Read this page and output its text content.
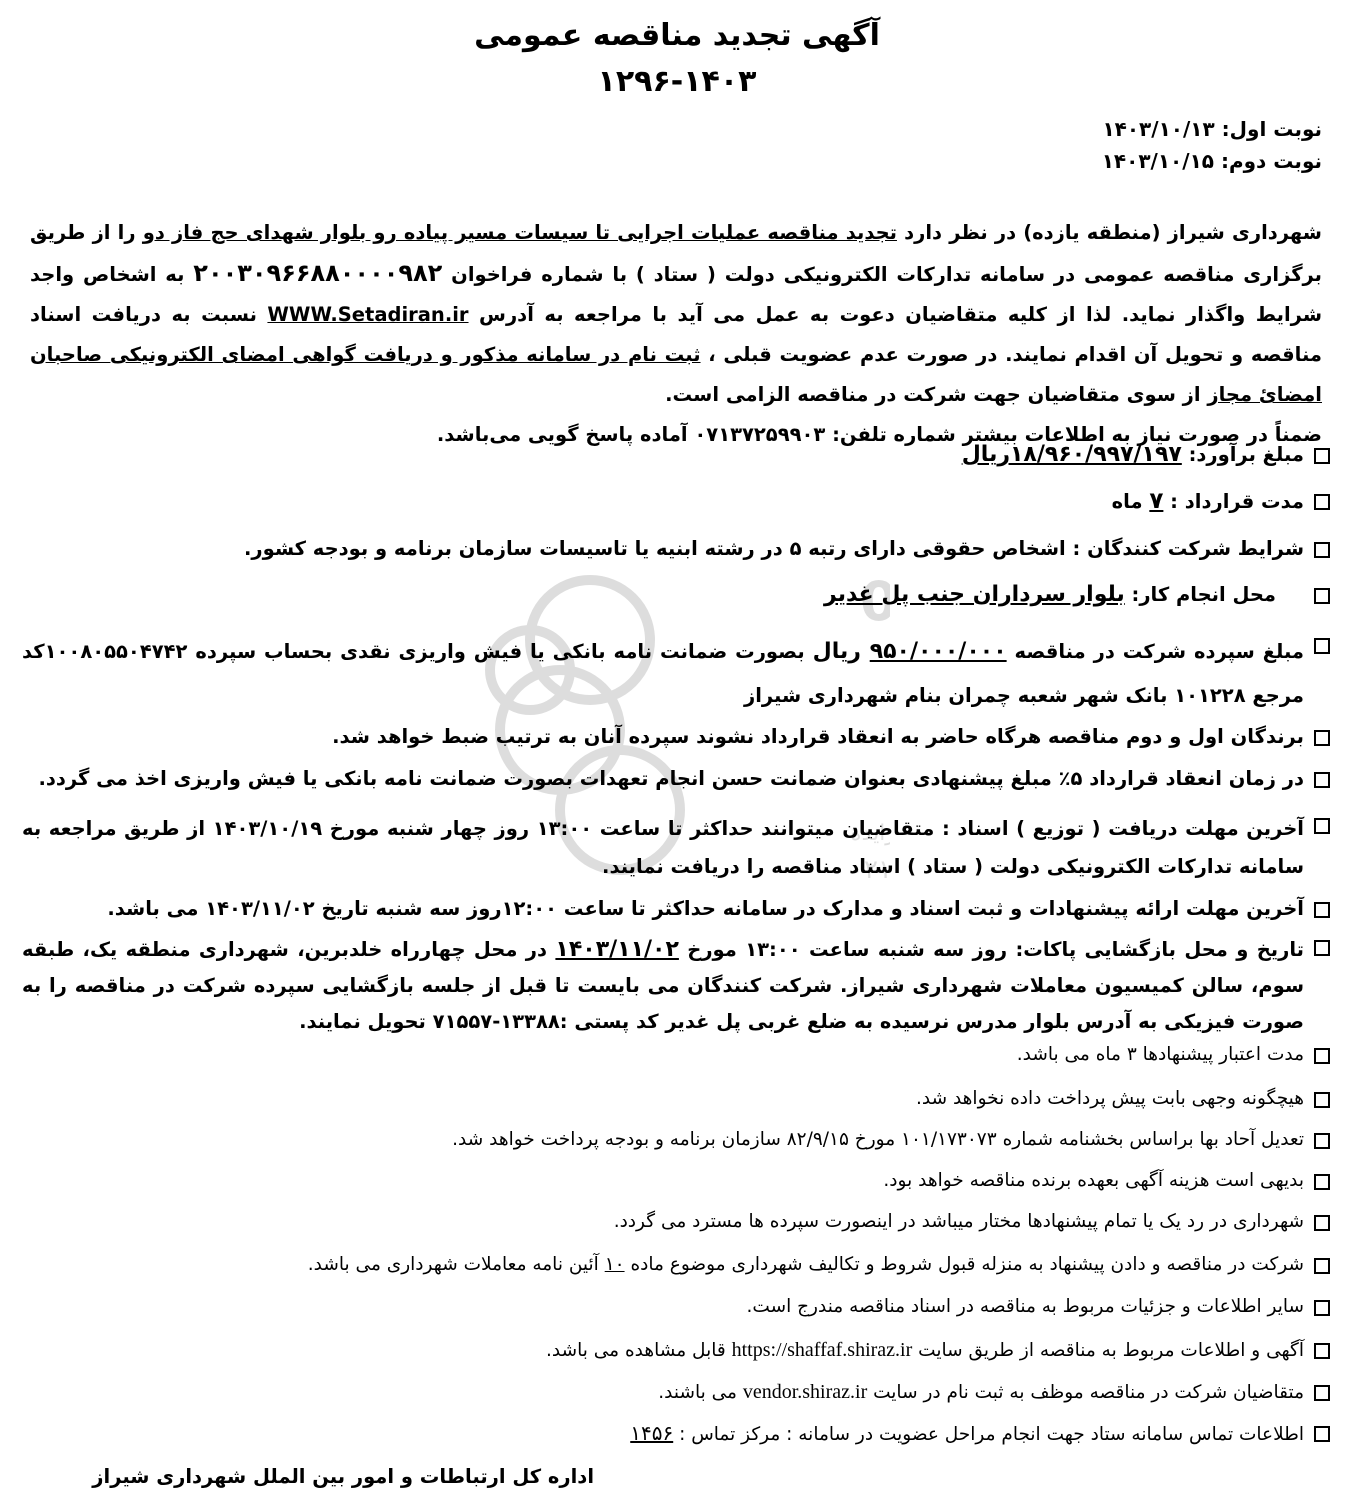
0
ایده
۰۲۱
آگهی تجدید مناقصه عمومی
۱۲۹۶-۱۴۰۳
نوبت اول: ۱۴۰۳/۱۰/۱۳
نوبت دوم: ۱۴۰۳/۱۰/۱۵

شهرداری شیراز (منطقه یازده) در نظر دارد تجدید مناقصه عملیات اجرایی تا سیسات مسیر پیاده رو بلوار شهدای حج فاز دو را از طریق برگزاری مناقصه عمومی در سامانه تدارکات الکترونیکی دولت ( ستاد ) با شماره فراخوان ۲۰۰۳۰۹۶۶۸۸۰۰۰۰۹۸۲ به اشخاص واجد شرایط واگذار نماید. لذا از کلیه متقاضیان دعوت به عمل می آید با مراجعه به آدرس WWW.Setadiran.ir نسبت به دریافت اسناد مناقصه و تحویل آن اقدام نمایند. در صورت عدم عضویت قبلی ، ثبت نام در سامانه مذکور و دریافت گواهی امضای الکترونیکی صاحبان امضائ مجاز از سوی متقاضیان جهت شرکت در مناقصه الزامی است.

ضمناً در صورت نیاز به اطلاعات بیشتر شماره تلفن: ۰۷۱۳۷۲۵۹۹۰۳ آماده پاسخ گویی می‌باشد.

مبلغ برآورد: ۱۸/۹۶۰/۹۹۷/۱۹۷ریال
مدت قرارداد : ۷ ماه
شرایط شرکت کنندگان : اشخاص حقوقی دارای رتبه ۵ در رشته ابنیه یا تاسیسات سازمان برنامه و بودجه کشور.
محل انجام کار: بلوار سرداران جنب پل غدیر
مبلغ سپرده شرکت در مناقصه ۹۵۰/۰۰۰/۰۰۰ ریال بصورت ضمانت نامه بانکی یا فیش واریزی نقدی بحساب سپرده ۱۰۰۸۰۵۵۰۴۷۴۲کد مرجع ۱۰۱۲۲۸ بانک شهر شعبه چمران بنام شهرداری شیراز
برندگان اول و دوم مناقصه هرگاه حاضر به انعقاد قرارداد نشوند سپرده آنان به ترتیب ضبط خواهد شد.
در زمان انعقاد قرارداد ۵٪ مبلغ پیشنهادی بعنوان ضمانت حسن انجام تعهدات بصورت ضمانت نامه بانکی یا فیش واریزی اخذ می گردد.
آخرین مهلت دریافت ( توزیع ) اسناد : متقاضیان میتوانند حداکثر تا ساعت ۱۳:۰۰ روز چهار شنبه مورخ ۱۴۰۳/۱۰/۱۹ از طریق مراجعه به سامانه تدارکات الکترونیکی دولت ( ستاد ) اسناد مناقصه را دریافت نمایند.
آخرین مهلت ارائه پیشنهادات و ثبت اسناد و مدارک در سامانه حداکثر تا ساعت ۱۲:۰۰روز سه شنبه تاریخ ۱۴۰۳/۱۱/۰۲ می باشد.
تاریخ و محل بازگشایی پاکات: روز سه شنبه ساعت ۱۳:۰۰ مورخ ۱۴۰۳/۱۱/۰۲ در محل چهارراه خلدبرین، شهرداری منطقه یک، طبقه سوم، سالن کمیسیون معاملات شهرداری شیراز. شرکت کنندگان می بایست تا قبل از جلسه بازگشایی سپرده شرکت در مناقصه را به صورت فیزیکی به آدرس بلوار مدرس نرسیده به ضلع غربی پل غدیر کد پستی :۱۳۳۸۸-۷۱۵۵۷ تحویل نمایند.
مدت اعتبار پیشنهادها ۳ ماه می باشد.
هیچگونه وجهی بابت پیش پرداخت داده نخواهد شد.
تعدیل آحاد بها براساس بخشنامه شماره ۱۰۱/۱۷۳۰۷۳ مورخ ۸۲/۹/۱۵ سازمان برنامه و بودجه پرداخت خواهد شد.
بدیهی است هزینه آگهی بعهده برنده مناقصه خواهد بود.
شهرداری در رد یک یا تمام پیشنهادها مختار میباشد در اینصورت سپرده ها مسترد می گردد.
شرکت در مناقصه و دادن پیشنهاد به منزله قبول شروط و تکالیف شهرداری موضوع ماده ۱۰ آئین نامه معاملات شهرداری می باشد.
سایر اطلاعات و جزئیات مربوط به مناقصه در اسناد مناقصه مندرج است.
آگهی و اطلاعات مربوط به مناقصه از طریق سایت https://shaffaf.shiraz.ir قابل مشاهده می باشد.
متقاضیان شرکت در مناقصه موظف به ثبت نام در سایت vendor.shiraz.ir می باشند.
اطلاعات تماس سامانه ستاد جهت انجام مراحل عضویت در سامانه : مرکز تماس : ۱۴۵۶
اداره کل ارتباطات و امور بین الملل شهرداری شیراز
